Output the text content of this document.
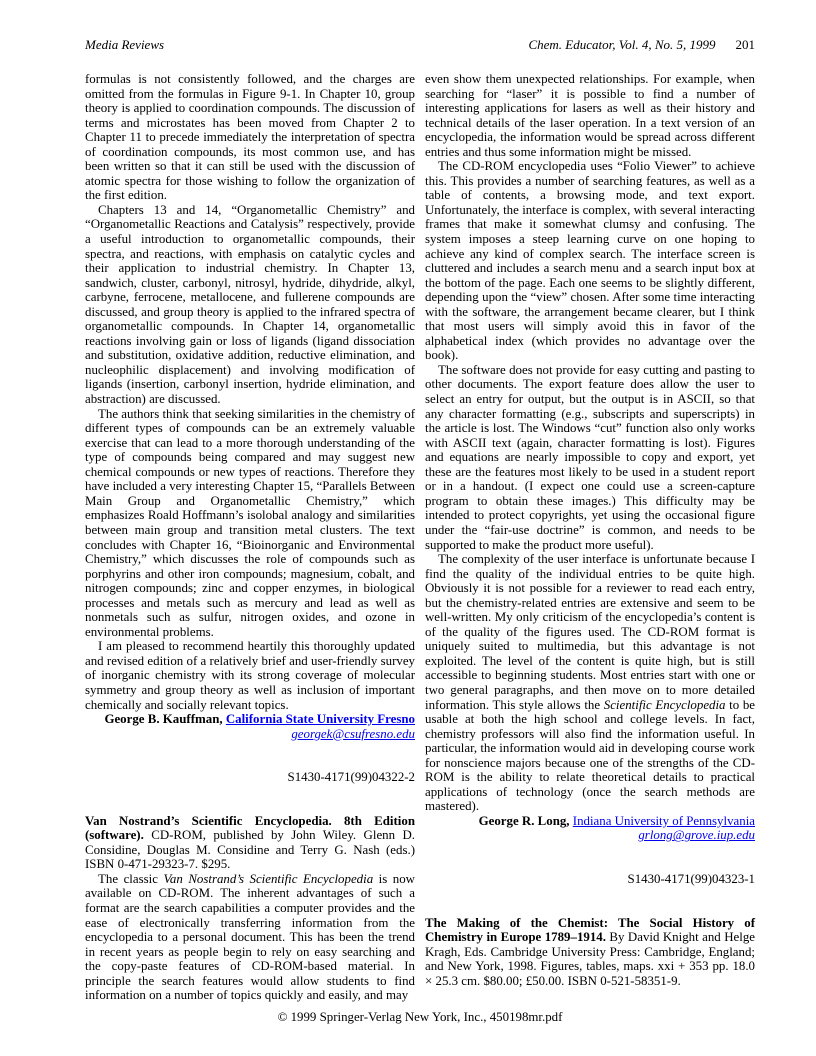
Media Reviews	Chem. Educator, Vol. 4, No. 5, 1999 201

formulas is not consistently followed, and the charges are omitted from the formulas in Figure 9-1. In Chapter 10, group theory is applied to coordination compounds. The discussion of terms and microstates has been moved from Chapter 2 to Chapter 11 to precede immediately the interpretation of spectra of coordination compounds, its most common use, and has been written so that it can still be used with the discussion of atomic spectra for those wishing to follow the organization of the first edition.

Chapters 13 and 14, “Organometallic Chemistry” and “Organometallic Reactions and Catalysis” respectively, provide a useful introduction to organometallic compounds, their spectra, and reactions, with emphasis on catalytic cycles and their application to industrial chemistry. In Chapter 13, sandwich, cluster, carbonyl, nitrosyl, hydride, dihydride, alkyl, carbyne, ferrocene, metallocene, and fullerene compounds are discussed, and group theory is applied to the infrared spectra of organometallic compounds. In Chapter 14, organometallic reactions involving gain or loss of ligands (ligand dissociation and substitution, oxidative addition, reductive elimination, and nucleophilic displacement) and involving modification of ligands (insertion, carbonyl insertion, hydride elimination, and abstraction) are discussed.

The authors think that seeking similarities in the chemistry of different types of compounds can be an extremely valuable exercise that can lead to a more thorough understanding of the type of compounds being compared and may suggest new chemical compounds or new types of reactions. Therefore they have included a very interesting Chapter 15, “Parallels Between Main Group and Organometallic Chemistry,” which emphasizes Roald Hoffmann’s isolobal analogy and similarities between main group and transition metal clusters. The text concludes with Chapter 16, “Bioinorganic and Environmental Chemistry,” which discusses the role of compounds such as porphyrins and other iron compounds; magnesium, cobalt, and nitrogen compounds; zinc and copper enzymes, in biological processes and metals such as mercury and lead as well as nonmetals such as sulfur, nitrogen oxides, and ozone in environmental problems.

I am pleased to recommend heartily this thoroughly updated and revised edition of a relatively brief and user-friendly survey of inorganic chemistry with its strong coverage of molecular symmetry and group theory as well as inclusion of important chemically and socially relevant topics.

George B. Kauffman, California State University Fresno

georgek@csufresno.edu

S1430-4171(99)04322-2

Van Nostrand’s Scientific Encyclopedia. 8th Edition (software). CD-ROM, published by John Wiley. Glenn D. Considine, Douglas M. Considine and Terry G. Nash (eds.) ISBN 0-471-29323-7. $295.

The classic Van Nostrand’s Scientific Encyclopedia is now available on CD-ROM. The inherent advantages of such a format are the search capabilities a computer provides and the ease of electronically transferring information from the encyclopedia to a personal document. This has been the trend in recent years as people begin to rely on easy searching and the copy-paste features of CD-ROM-based material. In principle the search features would allow students to find information on a number of topics quickly and easily, and may

even show them unexpected relationships. For example, when searching for “laser” it is possible to find a number of interesting applications for lasers as well as their history and technical details of the laser operation. In a text version of an encyclopedia, the information would be spread across different entries and thus some information might be missed.

The CD-ROM encyclopedia uses “Folio Viewer” to achieve this. This provides a number of searching features, as well as a table of contents, a browsing mode, and text export. Unfortunately, the interface is complex, with several interacting frames that make it somewhat clumsy and confusing. The system imposes a steep learning curve on one hoping to achieve any kind of complex search. The interface screen is cluttered and includes a search menu and a search input box at the bottom of the page. Each one seems to be slightly different, depending upon the “view” chosen. After some time interacting with the software, the arrangement became clearer, but I think that most users will simply avoid this in favor of the alphabetical index (which provides no advantage over the book).

The software does not provide for easy cutting and pasting to other documents. The export feature does allow the user to select an entry for output, but the output is in ASCII, so that any character formatting (e.g., subscripts and superscripts) in the article is lost. The Windows “cut” function also only works with ASCII text (again, character formatting is lost). Figures and equations are nearly impossible to copy and export, yet these are the features most likely to be used in a student report or in a handout. (I expect one could use a screen-capture program to obtain these images.) This difficulty may be intended to protect copyrights, yet using the occasional figure under the “fair-use doctrine” is common, and needs to be supported to make the product more useful).

The complexity of the user interface is unfortunate because I find the quality of the individual entries to be quite high. Obviously it is not possible for a reviewer to read each entry, but the chemistry-related entries are extensive and seem to be well-written. My only criticism of the encyclopedia’s content is of the quality of the figures used. The CD-ROM format is uniquely suited to multimedia, but this advantage is not exploited. The level of the content is quite high, but is still accessible to beginning students. Most entries start with one or two general paragraphs, and then move on to more detailed information. This style allows the Scientific Encyclopedia to be usable at both the high school and college levels. In fact, chemistry professors will also find the information useful. In particular, the information would aid in developing course work for nonscience majors because one of the strengths of the CD-ROM is the ability to relate theoretical details to practical applications of technology (once the search methods are mastered).

George R. Long, Indiana University of Pennsylvania

grlong@grove.iup.edu

S1430-4171(99)04323-1

The Making of the Chemist: The Social History of Chemistry in Europe 1789–1914. By David Knight and Helge Kragh, Eds. Cambridge University Press: Cambridge, England; and New York, 1998. Figures, tables, maps. xxi + 353 pp. 18.0 × 25.3 cm. $80.00; £50.00. ISBN 0-521-58351-9.

© 1999 Springer-Verlag New York, Inc., 450198mr.pdf
